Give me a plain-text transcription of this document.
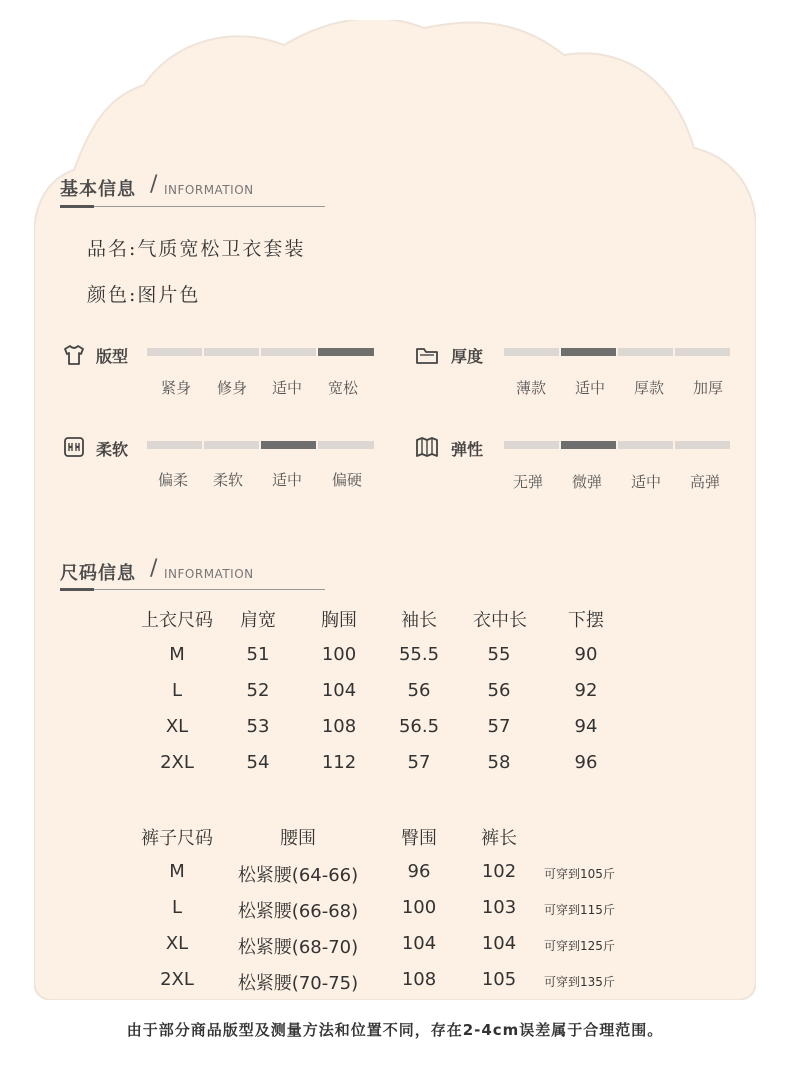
基本信息 / INFORMATION
品名:气质宽松卫衣套装
颜色:图片色
版型
紧身	修身	适中	宽松
厚度
薄款	适中	厚款	加厚
柔软
偏柔	柔软	适中	偏硬
弹性
无弹	微弹	适中	高弹
尺码信息 / INFORMATION
上衣尺码	肩宽	胸围	袖长	衣中长	下摆
M	51	100	55.5	55	90
L	52	104	56	56	92
XL	53	108	56.5	57	94
2XL	54	112	57	58	96
裤子尺码	腰围	臀围	裤长
M	松紧腰(64-66)	96	102	可穿到105斤
L	松紧腰(66-68)	100	103	可穿到115斤
XL	松紧腰(68-70)	104	104	可穿到125斤
2XL	松紧腰(70-75)	108	105	可穿到135斤
由于部分商品版型及测量方法和位置不同，存在2-4cm误差属于合理范围。
